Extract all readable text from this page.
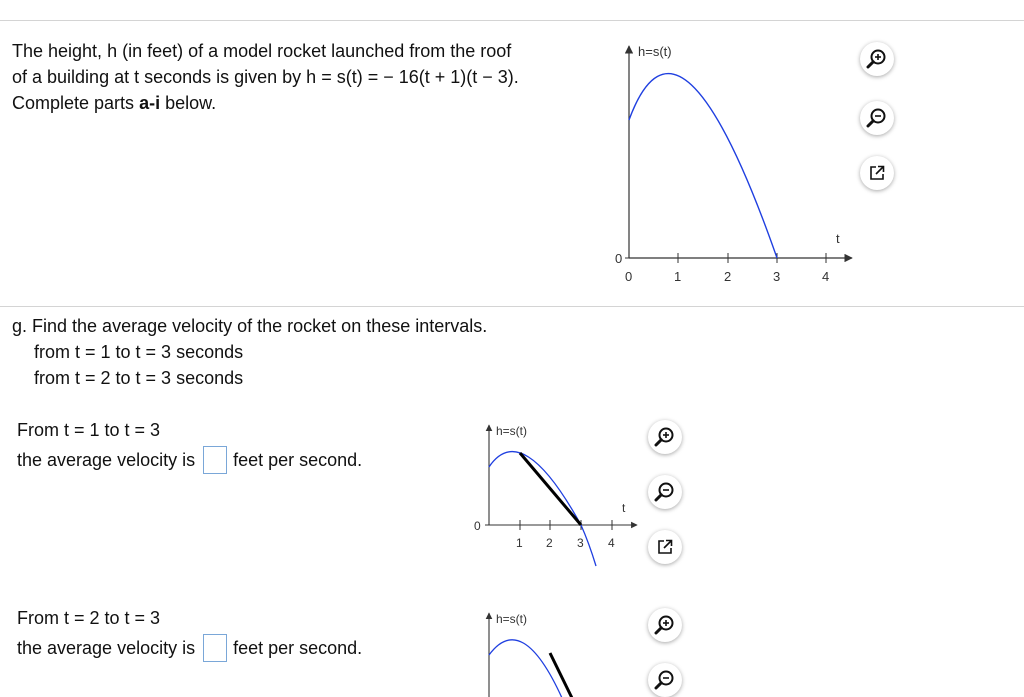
The height, h (in feet) of a model rocket launched from the roof
of a building at t seconds is given by h = s(t) = − 16(t + 1)(t − 3).
Complete parts a-i below.
h=s(t)
t
0
0	1	2	3	4
g. Find the average velocity of the rocket on these intervals.
from t = 1 to t = 3 seconds
from t = 2 to t = 3 seconds
From t = 1 to t = 3
the average velocity is feet per second.
h=s(t)
t
0
1 2 3 4
From t = 2 to t = 3
the average velocity is feet per second.
h=s(t)
